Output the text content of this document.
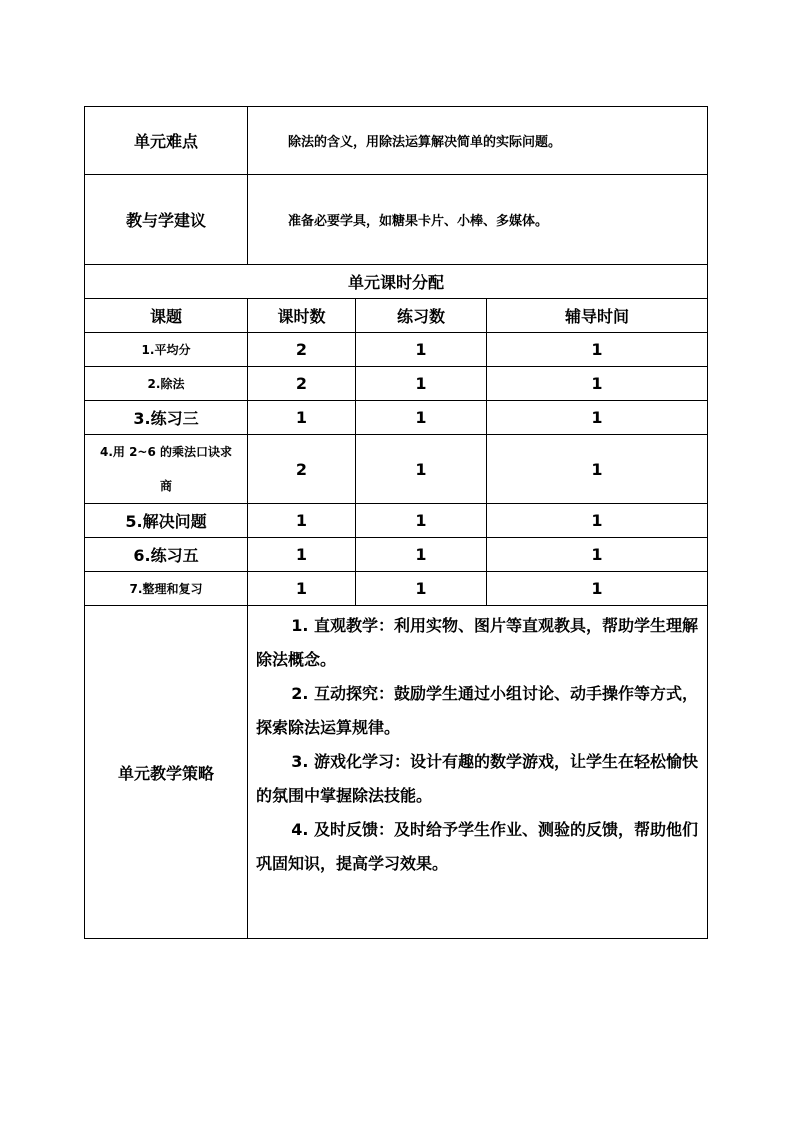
单元难点	除法的含义，用除法运算解决简单的实际问题。		
教与学建议	准备必要学具，如糖果卡片、小棒、多媒体。		
单元课时分配			
课题	课时数	练习数	辅导时间
1.平均分	2	1	1
2.除法	2	1	1
3.练习三	1	1	1
4.用 2~6 的乘法口诀求商	2	1	1
5.解决问题	1	1	1
6.练习五	1	1	1
7.整理和复习	1	1	1
单元教学策略	1. 直观教学：利用实物、图片等直观教具，帮助学生理解除法概念。

2. 互动探究：鼓励学生通过小组讨论、动手操作等方式，探索除法运算规律。

3. 游戏化学习：设计有趣的数学游戏，让学生在轻松愉快的氛围中掌握除法技能。

4. 及时反馈：及时给予学生作业、测验的反馈，帮助他们巩固知识，提高学习效果。		
